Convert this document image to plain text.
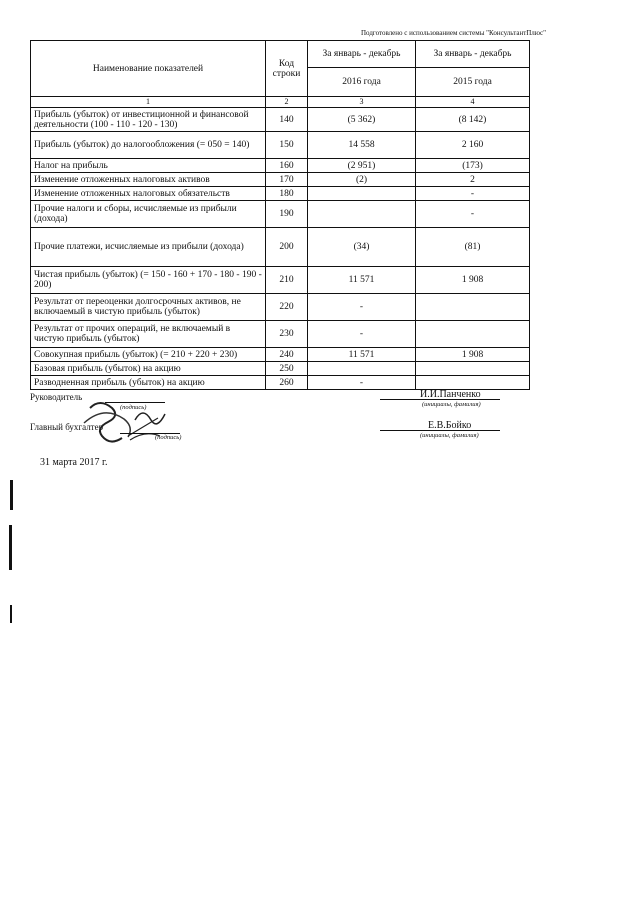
Подготовлено с использованием системы "КонсультантПлюс"
Наименование показателей	Код строки	За январь - декабрь	За январь - декабрь
		2016 года	2015 года
1	2	3	4
Прибыль (убыток) от инвестиционной и финансовой деятельности (100 - 110 - 120 - 130)	140	(5 362)	(8 142)
Прибыль (убыток) до налогообложения (= 050 = 140)	150	14 558	2 160
Налог на прибыль	160	(2 951)	(173)
Изменение отложенных налоговых активов	170	(2)	2
Изменение отложенных налоговых обязательств	180		-
Прочие налоги и сборы, исчисляемые из прибыли (дохода)	190		-
Прочие платежи, исчисляемые из прибыли (дохода)	200	(34)	(81)
Чистая прибыль (убыток) (= 150 - 160 + 170 - 180 - 190 - 200)	210	11 571	1 908
Результат от переоценки долгосрочных активов, не включаемый в чистую прибыль (убыток)	220	-	
Результат от прочих операций, не включаемый в чистую прибыль (убыток)	230	-	
Совокупная прибыль (убыток) (= 210 + 220 + 230)	240	11 571	1 908
Базовая прибыль (убыток) на акцию	250		
Разводненная прибыль (убыток) на акцию	260	-	
Руководитель
(подпись)
И.И.Панченко
(инициалы, фамилия)
Главный бухгалтер
(подпись)
Е.В.Бойко
(инициалы, фамилия)
31 марта 2017 г.
